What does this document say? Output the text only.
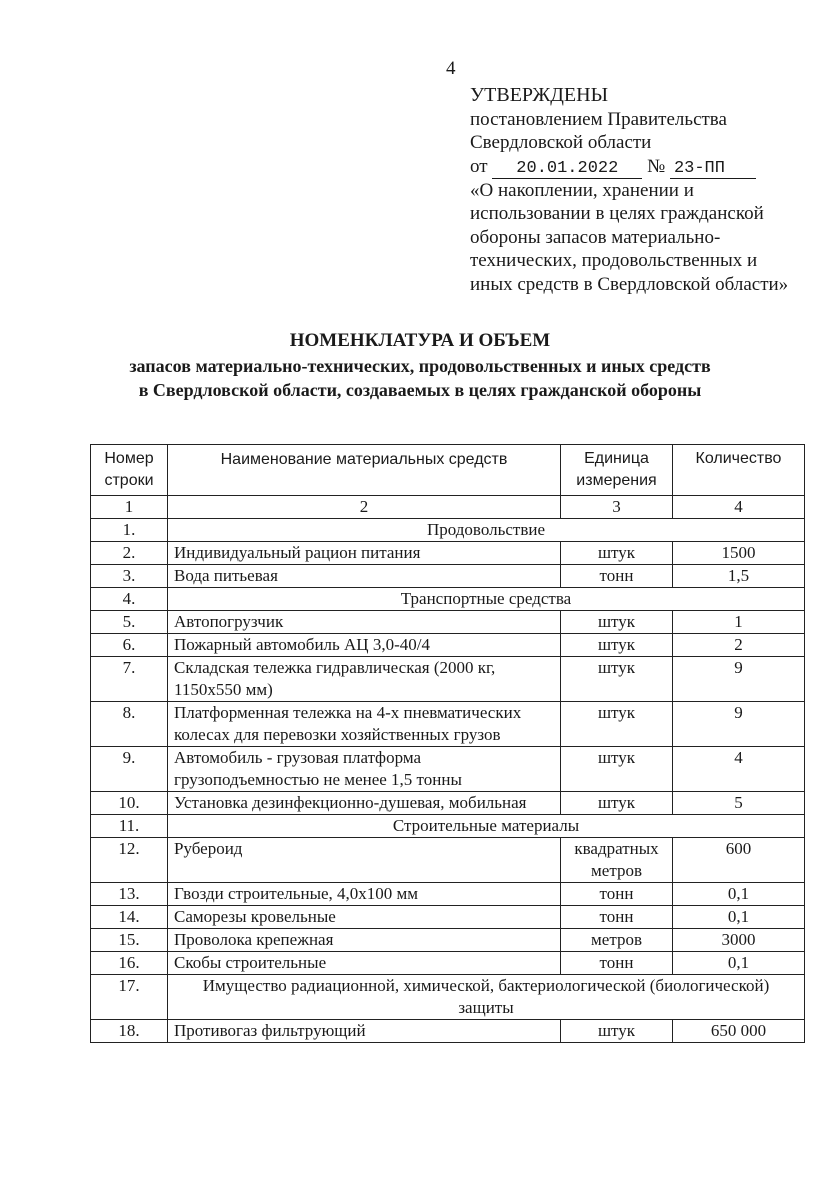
4
УТВЕРЖДЕНЫ
постановлением Правительства
Свердловской области
от 20.01.2022 № 23-ПП
«О накоплении, хранении и
использовании в целях гражданской
обороны запасов материально-
технических, продовольственных и
иных средств в Свердловской области»
НОМЕНКЛАТУРА И ОБЪЕМ
запасов материально-технических, продовольственных и иных средств
в Свердловской области, создаваемых в целях гражданской обороны
Номер строки	Наименование материальных средств	Единица измерения	Количество
1	2	3	4
1.	Продовольствие		
2.	Индивидуальный рацион питания	штук	1500
3.	Вода питьевая	тонн	1,5
4.	Транспортные средства		
5.	Автопогрузчик	штук	1
6.	Пожарный автомобиль АЦ 3,0-40/4	штук	2
7.	Складская тележка гидравлическая (2000 кг, 1150x550 мм)	штук	9
8.	Платформенная тележка на 4-х пневматических колесах для перевозки хозяйственных грузов	штук	9
9.	Автомобиль - грузовая платформа грузоподъемностью не менее 1,5 тонны	штук	4
10.	Установка дезинфекционно-душевая, мобильная	штук	5
11.	Строительные материалы		
12.	Рубероид	квадратных метров	600
13.	Гвозди строительные, 4,0x100 мм	тонн	0,1
14.	Саморезы кровельные	тонн	0,1
15.	Проволока крепежная	метров	3000
16.	Скобы строительные	тонн	0,1
17.	Имущество радиационной, химической, бактериологической (биологической) защиты		
18.	Противогаз фильтрующий	штук	650 000
